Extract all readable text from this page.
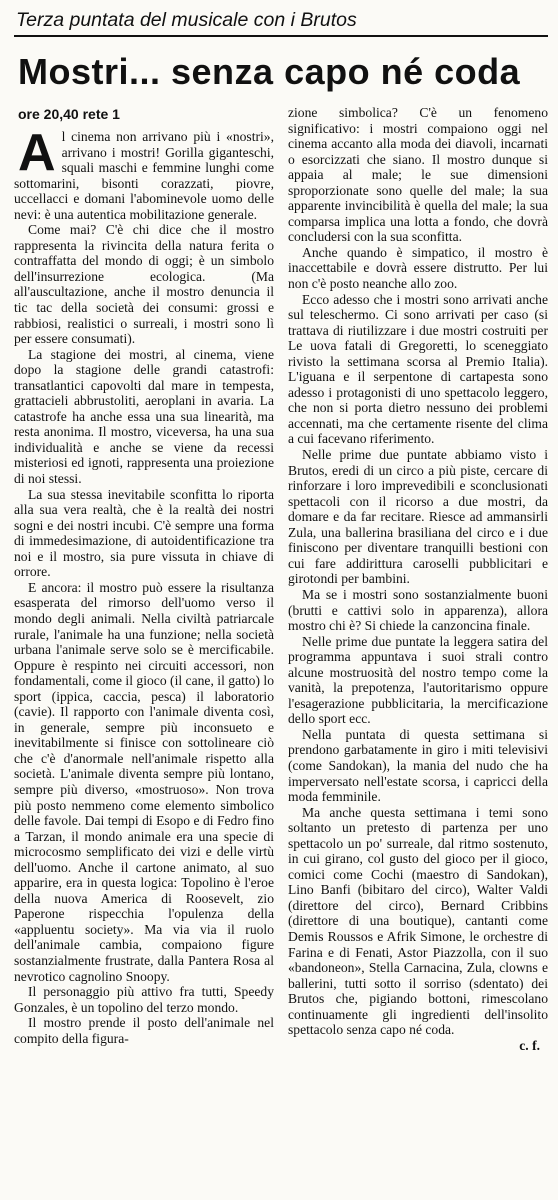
Terza puntata del musicale con i Brutos
Mostri... senza capo né coda
ore 20,40 rete 1

Al cinema non arrivano più i «nostri», arrivano i mostri! Gorilla giganteschi, squali maschi e femmine lunghi come sottomarini, bisonti corazzati, piovre, uccellacci e domani l'abominevole uomo delle nevi: è una autentica mobilitazione generale.

Come mai? C'è chi dice che il mostro rappresenta la rivincita della natura ferita o contraffatta del mondo di oggi; è un simbolo dell'insurrezione ecologica. (Ma all'auscultazione, anche il mostro denuncia il tic tac della società dei consumi: grossi e rabbiosi, realistici o surreali, i mostri sono lì per essere consumati).

La stagione dei mostri, al cinema, viene dopo la stagione delle grandi catastrofi: transatlantici capovolti dal mare in tempesta, grattacieli abbrustoliti, aeroplani in avaria. La catastrofe ha anche essa una sua linearità, ma resta anonima. Il mostro, viceversa, ha una sua individualità e anche se viene da recessi misteriosi ed ignoti, rappresenta una proiezione di noi stessi.

La sua stessa inevitabile sconfitta lo riporta alla sua vera realtà, che è la realtà dei nostri sogni e dei nostri incubi. C'è sempre una forma di immedesimazione, di autoidentificazione tra noi e il mostro, sia pure vissuta in chiave di orrore.

E ancora: il mostro può essere la risultanza esasperata del rimorso dell'uomo verso il mondo degli animali. Nella civiltà patriarcale rurale, l'animale ha una funzione; nella società urbana l'animale serve solo se è mercificabile. Oppure è respinto nei circuiti accessori, non fondamentali, come il gioco (il cane, il gatto) lo sport (ippica, caccia, pesca) il laboratorio (cavie). Il rapporto con l'animale diventa così, in generale, sempre più inconsueto e inevitabilmente si finisce con sottolineare ciò che c'è d'anormale nell'animale rispetto alla società. L'animale diventa sempre più lontano, sempre più diverso, «mostruoso». Non trova più posto nemmeno come elemento simbolico delle favole. Dai tempi di Esopo e di Fedro fino a Tarzan, il mondo animale era una specie di microcosmo semplificato dei vizi e delle virtù dell'uomo. Anche il cartone animato, al suo apparire, era in questa logica: Topolino è l'eroe della nuova America di Roosevelt, zio Paperone rispecchia l'opulenza della «appluentu society». Ma via via il ruolo dell'animale cambia, compaiono figure sostanzialmente frustrate, dalla Pantera Rosa al nevrotico cagnolino Snoopy.

Il personaggio più attivo fra tutti, Speedy Gonzales, è un topolino del terzo mondo.

Il mostro prende il posto dell'animale nel compito della figura-

zione simbolica? C'è un fenomeno significativo: i mostri compaiono oggi nel cinema accanto alla moda dei diavoli, incarnati o esorcizzati che siano. Il mostro dunque si appaia al male; le sue dimensioni sproporzionate sono quelle del male; la sua apparente invincibilità è quella del male; la sua comparsa implica una lotta a fondo, che dovrà concludersi con la sua sconfitta.

Anche quando è simpatico, il mostro è inaccettabile e dovrà essere distrutto. Per lui non c'è posto neanche allo zoo.

Ecco adesso che i mostri sono arrivati anche sul teleschermo. Ci sono arrivati per caso (si trattava di riutilizzare i due mostri costruiti per Le uova fatali di Gregoretti, lo sceneggiato rivisto la settimana scorsa al Premio Italia). L'iguana e il serpentone di cartapesta sono adesso i protagonisti di uno spettacolo leggero, che non si porta dietro nessuno dei problemi accennati, ma che certamente risente del clima a cui facevano riferimento.

Nelle prime due puntate abbiamo visto i Brutos, eredi di un circo a più piste, cercare di rinforzare i loro imprevedibili e sconclusionati spettacoli con il ricorso a due mostri, da domare e da far recitare. Riesce ad ammansirli Zula, una ballerina brasiliana del circo e i due finiscono per diventare tranquilli bestioni con cui fare addirittura caroselli pubblicitari e girotondi per bambini.

Ma se i mostri sono sostanzialmente buoni (brutti e cattivi solo in apparenza), allora mostro chi è? Si chiede la canzoncina finale.

Nelle prime due puntate la leggera satira del programma appuntava i suoi strali contro alcune mostruosità del nostro tempo come la vanità, la prepotenza, l'autoritarismo oppure l'esagerazione pubblicitaria, la mercificazione dello sport ecc.

Nella puntata di questa settimana si prendono garbatamente in giro i miti televisivi (come Sandokan), la mania del nudo che ha imperversato nell'estate scorsa, i capricci della moda femminile.

Ma anche questa settimana i temi sono soltanto un pretesto di partenza per uno spettacolo un po' surreale, dal ritmo sostenuto, in cui girano, col gusto del gioco per il gioco, comici come Cochi (maestro di Sandokan), Lino Banfi (bibitaro del circo), Walter Valdi (direttore del circo), Bernard Cribbins (direttore di una boutique), cantanti come Demis Roussos e Afrik Simone, le orchestre di Farina e di Fenati, Astor Piazzolla, con il suo «bandoneon», Stella Carnacina, Zula, clowns e ballerini, tutti sotto il sorriso (sdentato) dei Brutos che, pigiando bottoni, rimescolano continuamente gli ingredienti dell'insolito spettacolo senza capo né coda.

c. f.
